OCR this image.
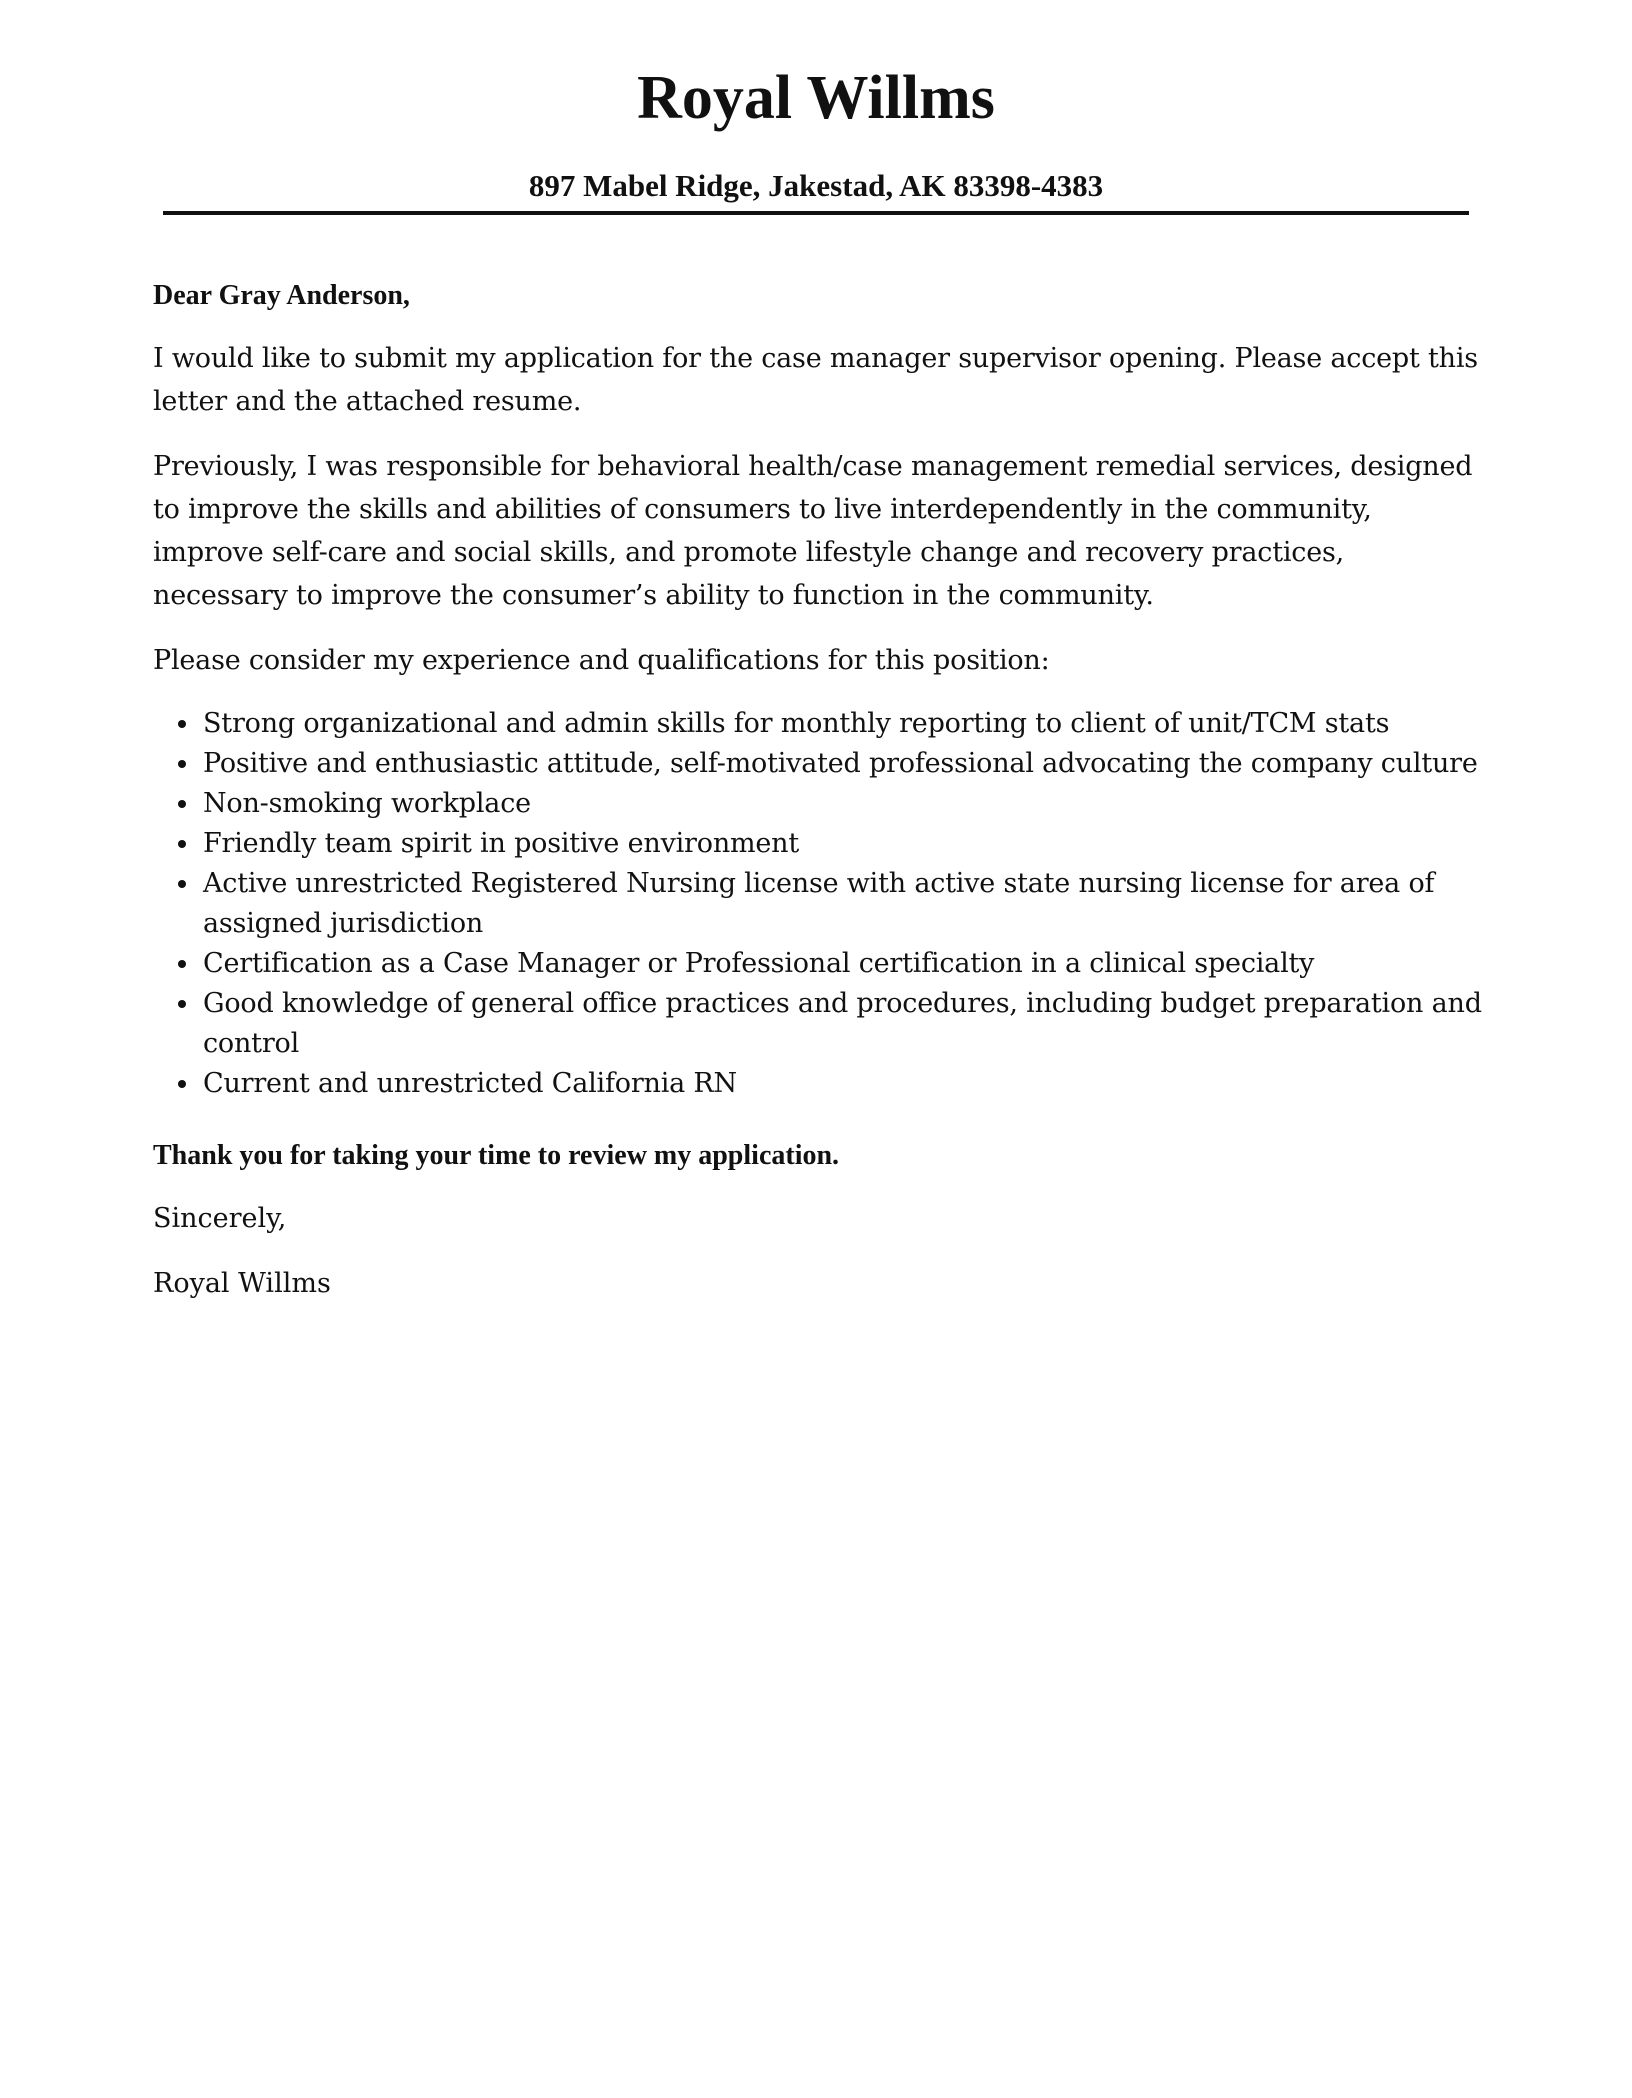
Royal Willms
897 Mabel Ridge, Jakestad, AK 83398-4383

Dear Gray Anderson,

I would like to submit my application for the case manager supervisor opening. Please accept this letter and the attached resume.

Previously, I was responsible for behavioral health/case management remedial services, designed to improve the skills and abilities of consumers to live interdependently in the community, improve self-care and social skills, and promote lifestyle change and recovery practices, necessary to improve the consumer’s ability to function in the community.

Please consider my experience and qualifications for this position:

• Strong organizational and admin skills for monthly reporting to client of unit/TCM stats
• Positive and enthusiastic attitude, self-motivated professional advocating the company culture
• Non-smoking workplace
• Friendly team spirit in positive environment
• Active unrestricted Registered Nursing license with active state nursing license for area of assigned jurisdiction
• Certification as a Case Manager or Professional certification in a clinical specialty
• Good knowledge of general office practices and procedures, including budget preparation and control
• Current and unrestricted California RN

Thank you for taking your time to review my application.

Sincerely,

Royal Willms
